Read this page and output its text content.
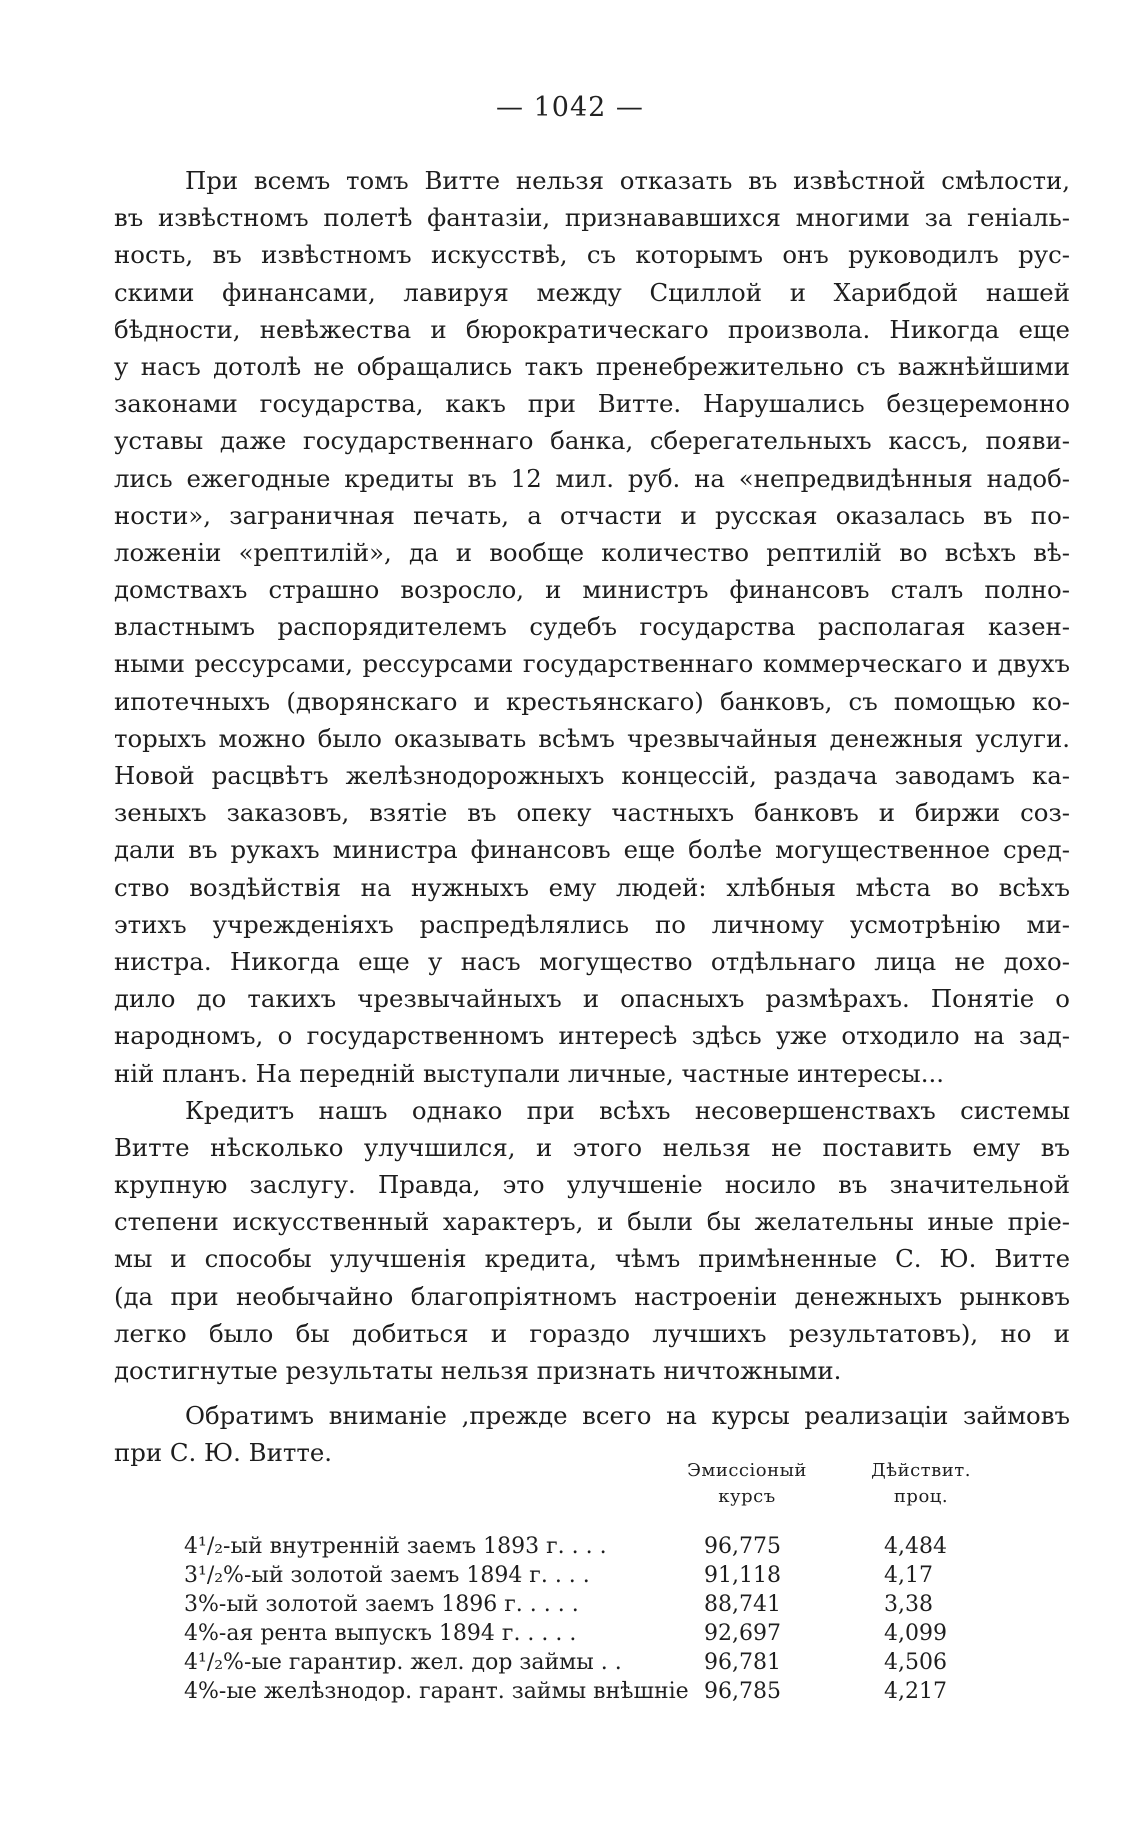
— 1042 —
При всемъ томъ Витте нельзя отказать въ извѣстной смѣлости,
въ извѣстномъ полетѣ фантазіи, признававшихся многими за геніаль-
ность, въ извѣстномъ искусствѣ, съ которымъ онъ руководилъ рус-
скими финансами, лавируя между Сциллой и Харибдой нашей
бѣдности, невѣжества и бюрократическаго произвола. Никогда еще
у насъ дотолѣ не обращались такъ пренебрежительно съ важнѣйшими
законами государства, какъ при Витте. Нарушались безцеремонно
уставы даже государственнаго банка, сберегательныхъ кассъ, появи-
лись ежегодные кредиты въ 12 мил. руб. на «непредвидѣнныя надоб-
ности», заграничная печать, а отчасти и русская оказалась въ по-
ложеніи «рептилій», да и вообще количество рептилій во всѣхъ вѣ-
домствахъ страшно возросло, и министръ финансовъ сталъ полно-
властнымъ распорядителемъ судебъ государства располагая казен-
ными рессурсами, рессурсами государственнаго коммерческаго и двухъ
ипотечныхъ (дворянскаго и крестьянскаго) банковъ, съ помощью ко-
торыхъ можно было оказывать всѣмъ чрезвычайныя денежныя услуги.
Новой расцвѣтъ желѣзнодорожныхъ концессій, раздача заводамъ ка-
зеныхъ заказовъ, взятіе въ опеку частныхъ банковъ и биржи соз-
дали въ рукахъ министра финансовъ еще болѣе могущественное сред-
ство воздѣйствія на нужныхъ ему людей: хлѣбныя мѣста во всѣхъ
этихъ учрежденіяхъ распредѣлялись по личному усмотрѣнію ми-
нистра. Никогда еще у насъ могущество отдѣльнаго лица не дохо-
дило до такихъ чрезвычайныхъ и опасныхъ размѣрахъ. Понятіе о
народномъ, о государственномъ интересѣ здѣсь уже отходило на зад-
ній планъ. На передній выступали личные, частные интересы...
Кредитъ нашъ однако при всѣхъ несовершенствахъ системы
Витте нѣсколько улучшился, и этого нельзя не поставить ему въ
крупную заслугу. Правда, это улучшеніе носило въ значительной
степени искусственный характеръ, и были бы желательны иные пріе-
мы и способы улучшенія кредита, чѣмъ примѣненные С. Ю. Витте
(да при необычайно благопріятномъ настроеніи денежныхъ рынковъ
легко было бы добиться и гораздо лучшихъ результатовъ), но и
достигнутые результаты нельзя признать ничтожными.
Обратимъ вниманіе ,прежде всего на курсы реализаціи займовъ
при С. Ю. Витте.
Эмиссіоный
курсъ
Дѣйствит.
проц.
4¹/₂-ый внутренній заемъ 1893 г. . . .	96,775	4,484
3¹/₂%-ый золотой заемъ 1894 г. . . .	91,118	4,17
3%-ый золотой заемъ 1896 г. . . . .	88,741	3,38
4%-ая рента выпускъ 1894 г. . . . .	92,697	4,099
4¹/₂%-ые гарантир. жел. дор займы . .	96,781	4,506
4%-ые желѣзнодор. гарант. займы внѣшніе 96,785	4,217
